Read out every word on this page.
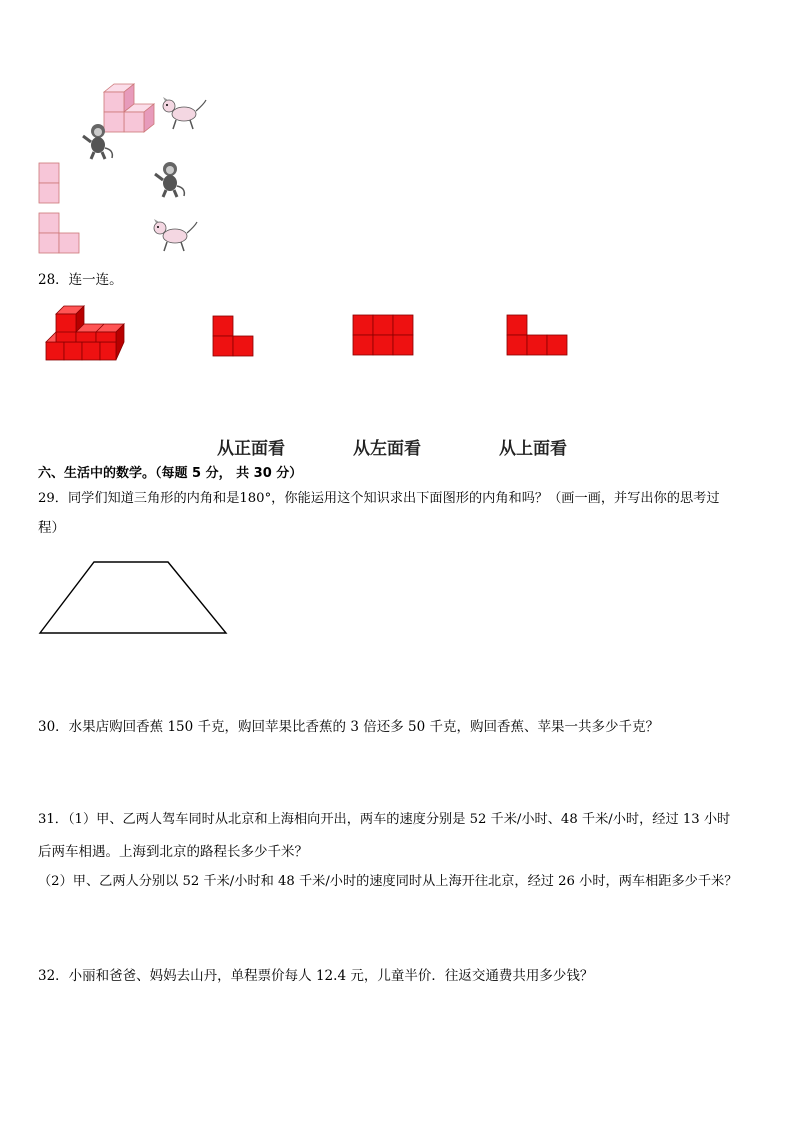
28．连一连。
从正面看	从左面看	从上面看
六、生活中的数学。（每题 5 分， 共 30 分）
29．同学们知道三角形的内角和是180°，你能运用这个知识求出下面图形的内角和吗？（画一画，并写出你的思考过
程）
30．水果店购回香蕉 150 千克，购回苹果比香蕉的 3 倍还多 50 千克，购回香蕉、苹果一共多少千克？
31．（1）甲、乙两人驾车同时从北京和上海相向开出，两车的速度分别是 52 千米/小时、48 千米/小时，经过 13 小时
后两车相遇。上海到北京的路程长多少千米？
（2）甲、乙两人分别以 52 千米/小时和 48 千米/小时的速度同时从上海开往北京，经过 26 小时，两车相距多少千米？
32．小丽和爸爸、妈妈去山丹，单程票价每人 12.4 元，儿童半价．往返交通费共用多少钱？
